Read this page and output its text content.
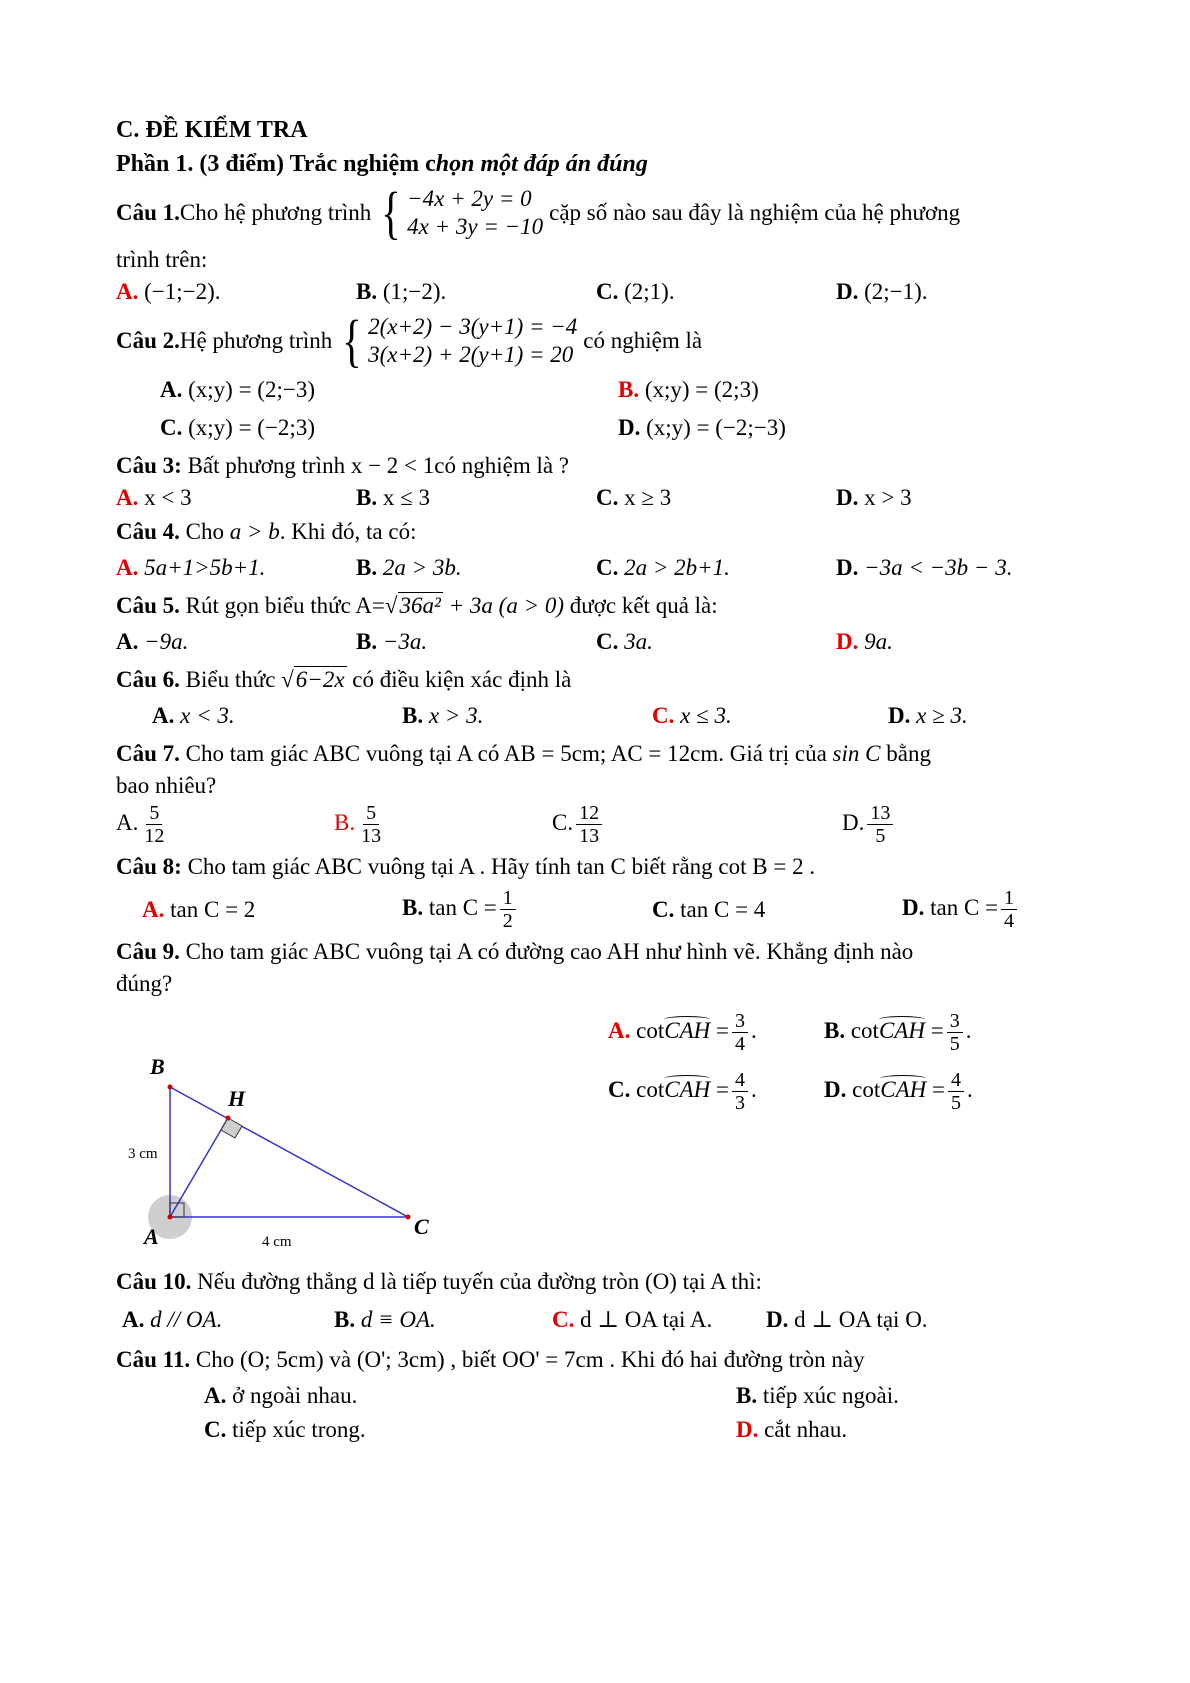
C. ĐỀ KIỂM TRA
Phần 1. (3 điểm) Trắc nghiệm chọn một đáp án đúng
Câu 1. Cho hệ phương trình { −4x + 2y = 0
4x + 3y = −10
cặp số nào sau đây là nghiệm của hệ phương
trình trên:
A. (−1;−2).	B. (1;−2).	C. (2;1).	D. (2;−1).
Câu 2. Hệ phương trình { 2(x+2) − 3(y+1) = −4
3(x+2) + 2(y+1) = 20
có nghiệm là
A. (x;y) = (2;−3)	B. (x;y) = (2;3)
C. (x;y) = (−2;3)	D. (x;y) = (−2;−3)
Câu 3: Bất phương trình x − 2 < 1có nghiệm là ?
A. x < 3	B. x ≤ 3	C. x ≥ 3	D. x > 3
Câu 4. Cho a > b. Khi đó, ta có:
A. 5a+1>5b+1.	B. 2a > 3b.	C. 2a > 2b+1.	D. −3a < −3b − 3.
Câu 5. Rút gọn biểu thức A=√36a² + 3a (a > 0) được kết quả là:
A. −9a.	B. −3a.	C. 3a.	D. 9a.
Câu 6. Biểu thức √6−2x có điều kiện xác định là
A. x < 3.	B. x > 3.	C. x ≤ 3.	D. x ≥ 3.
Câu 7. Cho tam giác ABC vuông tại A có AB = 5cm; AC = 12cm. Giá trị của sin C bằng
bao nhiêu?
A. $\frac{5}{12}$	B. $\frac{5}{13}$	C. $\frac{12}{13}$	D. $\frac{13}{5}$
Câu 8: Cho tam giác ABC vuông tại A . Hãy tính tan C biết rằng cot B = 2 .
A. tan C = 2	B. $\tan C = \frac{1}{2}$	C. tan C = 4	D. $\tan C = \frac{1}{4}$
Câu 9. Cho tam giác ABC vuông tại A có đường cao AH như hình vẽ. Khẳng định nào
đúng?
B
H
A	C
3 cm
4 cm
A. cotCAH = $\frac{3}{4}$ .	B. cotCAH = $\frac{3}{5}$ .
C. cotCAH = $\frac{4}{3}$ .	D. cotCAH = $\frac{4}{5}$ .
Câu 10. Nếu đường thẳng d là tiếp tuyến của đường tròn (O) tại A thì:
A. d // OA.	B. d ≡ OA.	C. d ⊥ OA tại A.	D. d ⊥ OA tại O.
Câu 11. Cho (O; 5cm) và (O'; 3cm) , biết OO' = 7cm . Khi đó hai đường tròn này
A. ở ngoài nhau.	B. tiếp xúc ngoài.
C. tiếp xúc trong.	D. cắt nhau.
